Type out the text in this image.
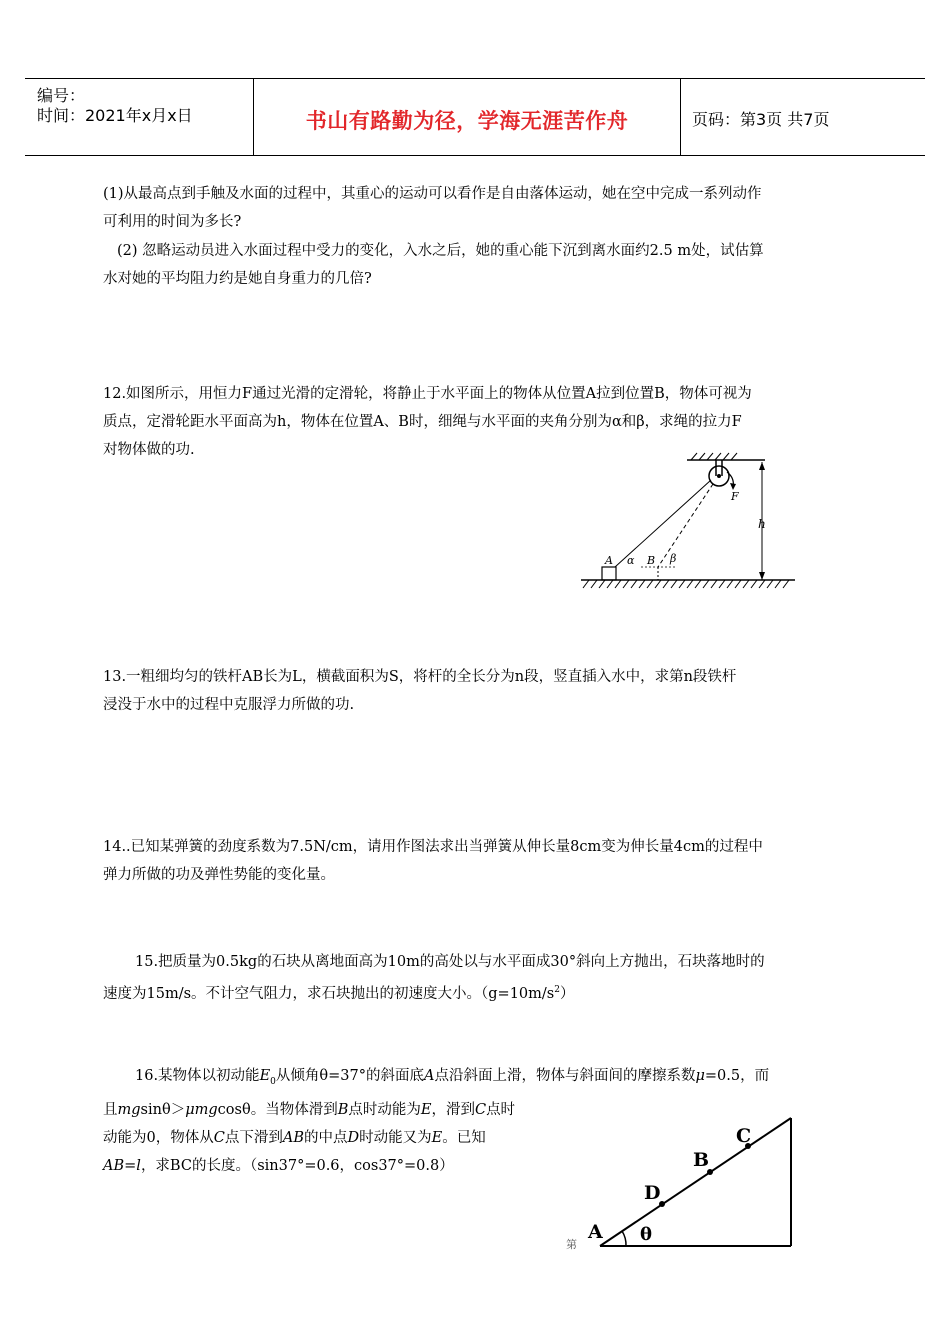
编号：
时间：2021年x月x日	书山有路勤为径，学海无涯苦作舟	页码：第3页 共7页
(1)从最高点到手触及水面的过程中，其重心的运动可以看作是自由落体运动，她在空中完成一系列动作
可利用的时间为多长?
(2) 忽略运动员进入水面过程中受力的变化，入水之后，她的重心能下沉到离水面约2.5 m处，试估算
水对她的平均阻力约是她自身重力的几倍?
12.如图所示，用恒力F通过光滑的定滑轮，将静止于水平面上的物体从位置A拉到位置B，物体可视为
质点，定滑轮距水平面高为h，物体在位置A、B时，细绳与水平面的夹角分别为α和β，求绳的拉力F
对物体做的功.
F
h
A α B β
13.一粗细均匀的铁杆AB长为L，横截面积为S，将杆的全长分为n段，竖直插入水中，求第n段铁杆
浸没于水中的过程中克服浮力所做的功.
14..已知某弹簧的劲度系数为7.5N/cm，请用作图法求出当弹簧从伸长量8cm变为伸长量4cm的过程中
弹力所做的功及弹性势能的变化量。
15.把质量为0.5kg的石块从离地面高为10m的高处以与水平面成30°斜向上方抛出，石块落地时的
速度为15m/s。不计空气阻力，求石块抛出的初速度大小。$(g=10m/s^2)$
16.某物体以初动能$E_0$从倾角θ=37°的斜面底A点沿斜面上滑，物体与斜面间的摩擦系数μ=0.5，而
且mgsinθ＞μmgcosθ。当物体滑到B点时动能为E，滑到C点时
动能为0，物体从C点下滑到AB的中点D时动能又为E。已知
AB=l，求BC的长度。（sin37°=0.6，cos37°=0.8）
A θ
D
B
C
第
